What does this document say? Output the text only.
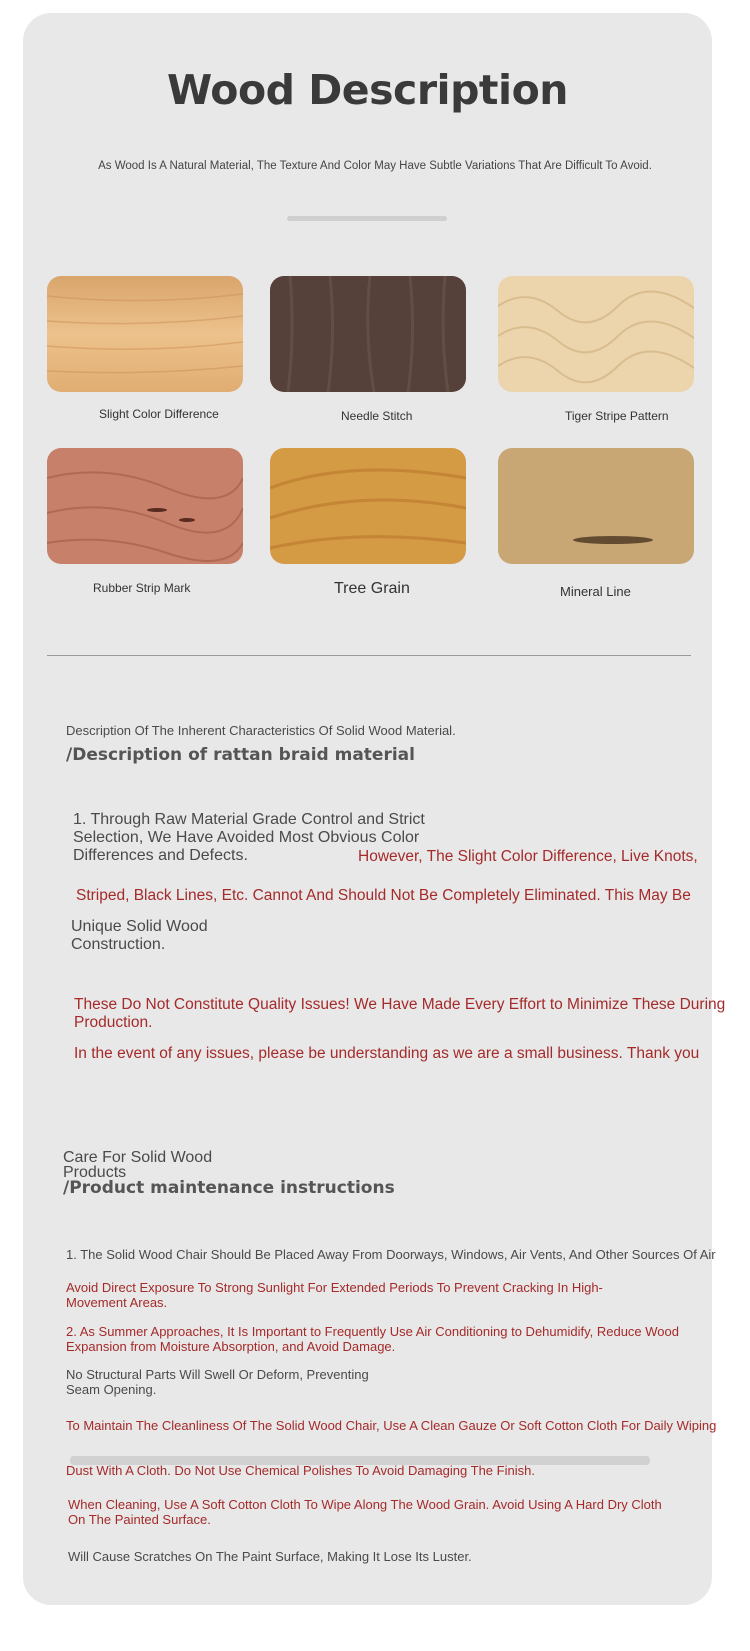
Wood Description
As Wood Is A Natural Material, The Texture And Color May Have Subtle Variations That Are Difficult To Avoid.
Slight Color Difference	Needle Stitch	Tiger Stripe Pattern
Rubber Strip Mark	Tree Grain	Mineral Line
Description Of The Inherent Characteristics Of Solid Wood Material.
/Description of rattan braid material
1. Through Raw Material Grade Control and Strict Selection, We Have Avoided Most Obvious Color Differences and Defects.	However, The Slight Color Difference, Live Knots,
Striped, Black Lines, Etc. Cannot And Should Not Be Completely Eliminated. This May Be
Unique Solid Wood Construction.
These Do Not Constitute Quality Issues! We Have Made Every Effort to Minimize These During Production.
In the event of any issues, please be understanding as we are a small business. Thank you
Care For Solid Wood Products
/Product maintenance instructions
1. The Solid Wood Chair Should Be Placed Away From Doorways, Windows, Air Vents, And Other Sources Of Air
Avoid Direct Exposure To Strong Sunlight For Extended Periods To Prevent Cracking In High-Movement Areas.
2. As Summer Approaches, It Is Important to Frequently Use Air Conditioning to Dehumidify, Reduce Wood Expansion from Moisture Absorption, and Avoid Damage.
No Structural Parts Will Swell Or Deform, Preventing Seam Opening.
To Maintain The Cleanliness Of The Solid Wood Chair, Use A Clean Gauze Or Soft Cotton Cloth For Daily Wiping
Dust With A Cloth. Do Not Use Chemical Polishes To Avoid Damaging The Finish.
When Cleaning, Use A Soft Cotton Cloth To Wipe Along The Wood Grain. Avoid Using A Hard Dry Cloth On The Painted Surface.
Will Cause Scratches On The Paint Surface, Making It Lose Its Luster.
